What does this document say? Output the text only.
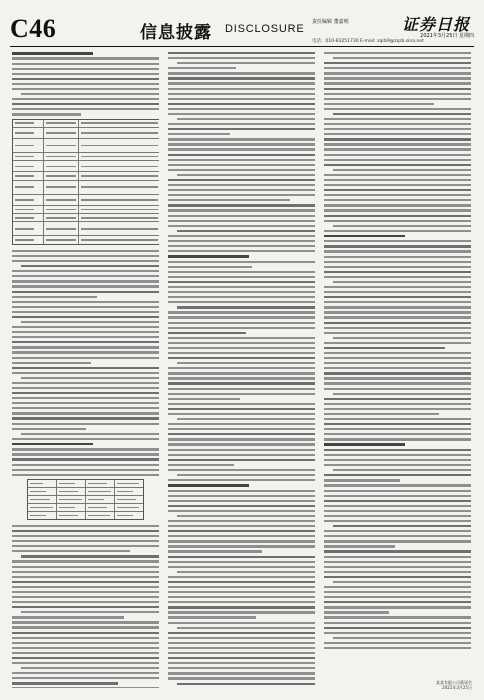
C46	信息披露 DISCLOSURE
责任编辑 董嘉明	证券日报
2021年3月25日 星期四
电话：010-83251730 E-mail: zqrb9@zqrb.sina.net
某某有限公司董事会
2021年3月25日
